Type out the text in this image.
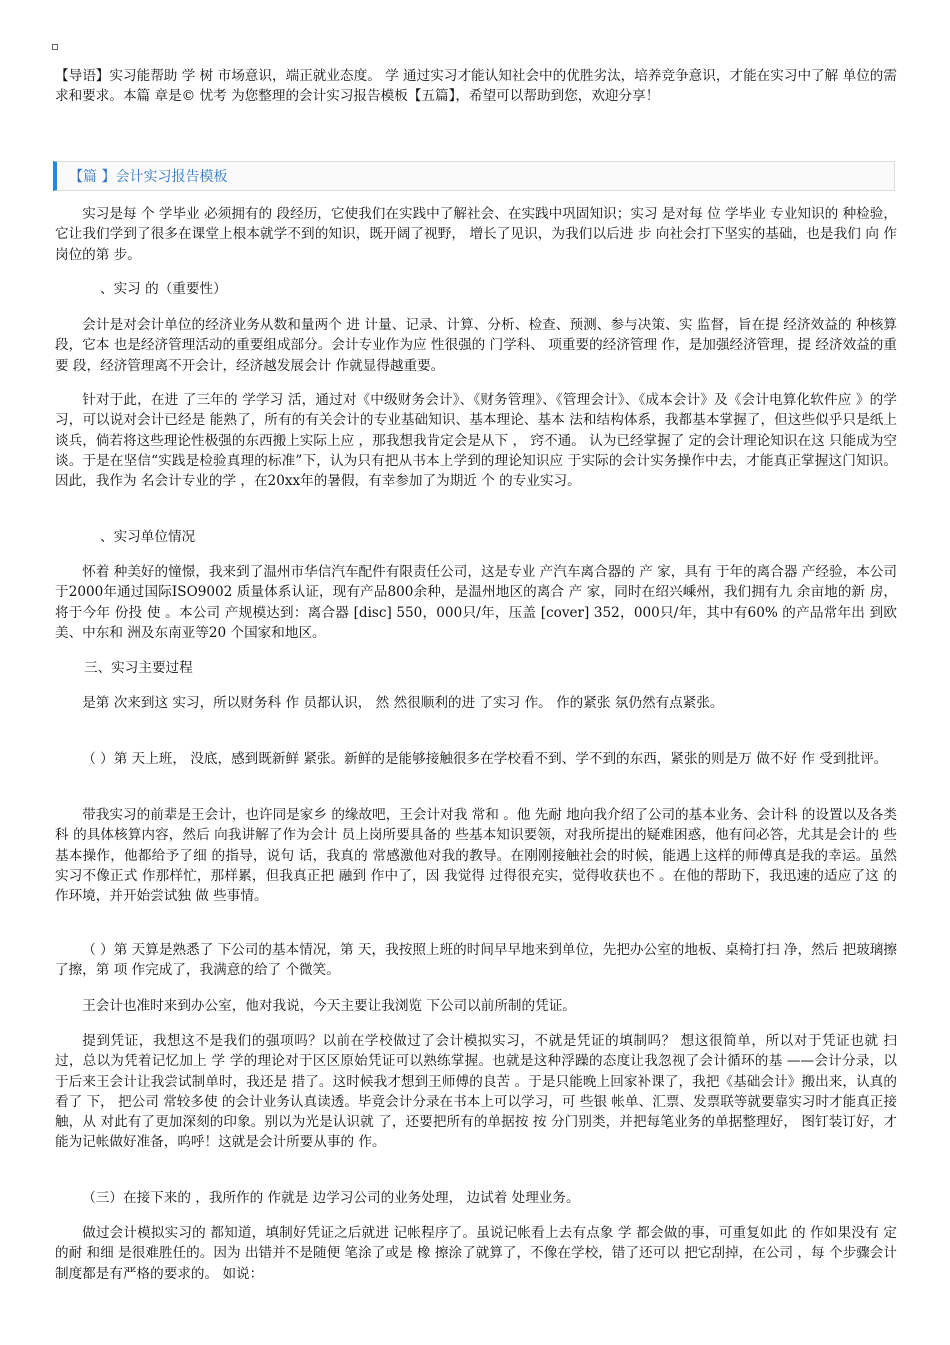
【导语】实习能帮助 学 树 市场意识，端正就业态度。 学 通过实习才能认知社会中的优胜劣汰，培养竞争意识，才能在实习中了解 单位的需求和要求。本篇 章是© 忧考 为您整理的会计实习报告模板【五篇】，希望可以帮助到您，欢迎分享！

【篇 】会计实习报告模板

实习是每 个 学毕业 必须拥有的 段经历，它使我们在实践中了解社会、在实践中巩固知识；实习 是对每 位 学毕业 专业知识的 种检验，它让我们学到了很多在课堂上根本就学不到的知识，既开阔了视野， 增长了见识，为我们以后进 步 向社会打下坚实的基础，也是我们 向 作岗位的第 步。

、实习 的（重要性）

会计是对会计单位的经济业务从数和量两个 进 计量、记录、计算、分析、检查、预测、参与决策、实 监督，旨在提 经济效益的 种核算 段，它本 也是经济管理活动的重要组成部分。会计专业作为应 性很强的 门学科、 项重要的经济管理 作，是加强经济管理，提 经济效益的重要 段，经济管理离不开会计，经济越发展会计 作就显得越重要。

针对于此，在进 了三年的 学学习 活，通过对《中级财务会计》、《财务管理》、《管理会计》、《成本会计》及《会计电算化软件应 》的学习，可以说对会计已经是 能熟了，所有的有关会计的专业基础知识、基本理论、基本 法和结构体系，我都基本掌握了，但这些似乎只是纸上谈兵，倘若将这些理论性极强的东西搬上实际上应 ，那我想我肯定会是从下 ， 窍不通。 认为已经掌握了 定的会计理论知识在这 只能成为空谈。于是在坚信“实践是检验真理的标准”下，认为只有把从书本上学到的理论知识应 于实际的会计实务操作中去，才能真正掌握这门知识。因此，我作为 名会计专业的学 ，在20xx年的暑假，有幸参加了为期近 个 的专业实习。

、实习单位情况

怀着 种美好的憧憬，我来到了温州市华信汽车配件有限责任公司，这是专业 产汽车离合器的 产 家，具有 于年的离合器 产经验，本公司于2000年通过国际ISO9002 质量体系认证，现有产品800余种，是温州地区的离合 产 家，同时在绍兴嵊州，我们拥有九 余亩地的新 房，将于今年 份投 使 。本公司 产规模达到：离合器 [disc] 550，000只/年，压盖 [cover] 352，000只/年，其中有60% 的产品常年出 到欧美、中东和 洲及东南亚等20 个国家和地区。

三、实习主要过程

是第 次来到这 实习，所以财务科 作 员都认识， 然 然很顺利的进 了实习 作。 作的紧张 氛仍然有点紧张。

（ ）第 天上班， 没底，感到既新鲜 紧张。新鲜的是能够接触很多在学校看不到、学不到的东西，紧张的则是万 做不好 作 受到批评。

带我实习的前辈是王会计，也许同是家乡 的缘故吧，王会计对我 常和 。他 先耐 地向我介绍了公司的基本业务、会计科 的设置以及各类科 的具体核算内容，然后 向我讲解了作为会计 员上岗所要具备的 些基本知识要领，对我所提出的疑难困惑，他有问必答，尤其是会计的 些基本操作，他都给予了细 的指导，说句 话，我真的 常感激他对我的教导。在刚刚接触社会的时候，能遇上这样的师傅真是我的幸运。虽然实习不像正式 作那样忙，那样累，但我真正把 融到 作中了，因 我觉得 过得很充实，觉得收获也不 。在他的帮助下，我迅速的适应了这 的 作环境，并开始尝试独 做 些事情。

（ ）第 天算是熟悉了 下公司的基本情况，第 天，我按照上班的时间早早地来到单位，先把办公室的地板、桌椅打扫 净，然后 把玻璃擦了擦，第 项 作完成了，我满意的给了 个微笑。

王会计也准时来到办公室，他对我说，今天主要让我浏览 下公司以前所制的凭证。

提到凭证，我想这不是我们的强项吗？以前在学校做过了会计模拟实习，不就是凭证的填制吗？ 想这很简单，所以对于凭证也就 扫 过，总以为凭着记忆加上 学 学的理论对于区区原始凭证可以熟练掌握。也就是这种浮躁的态度让我忽视了会计循环的基 ——会计分录，以 于后来王会计让我尝试制单时，我还是 措了。这时候我才想到王师傅的良苦 。于是只能晚上回家补课了，我把《基础会计》搬出来，认真的看了 下， 把公司 常较多使 的会计业务认真读透。毕竟会计分录在书本上可以学习，可 些银 帐单、汇票、发票联等就要靠实习时才能真正接触，从 对此有了更加深刻的印象。别以为光是认识就 了，还要把所有的单据按 按 分门别类，并把每笔业务的单据整理好， 图钉装订好，才能为记帐做好准备，呜呼！这就是会计所要从事的 作。

（三）在接下来的 ，我所作的 作就是 边学习公司的业务处理， 边试着 处理业务。

做过会计模拟实习的 都知道，填制好凭证之后就进 记帐程序了。虽说记帐看上去有点象 学 都会做的事，可重复如此 的 作如果没有 定的耐 和细 是很难胜任的。因为 出错并不是随便 笔涂了或是 橡 擦涂了就算了，不像在学校，错了还可以 把它刮掉，在公司 ，每 个步骤会计制度都是有严格的要求的。 如说：
